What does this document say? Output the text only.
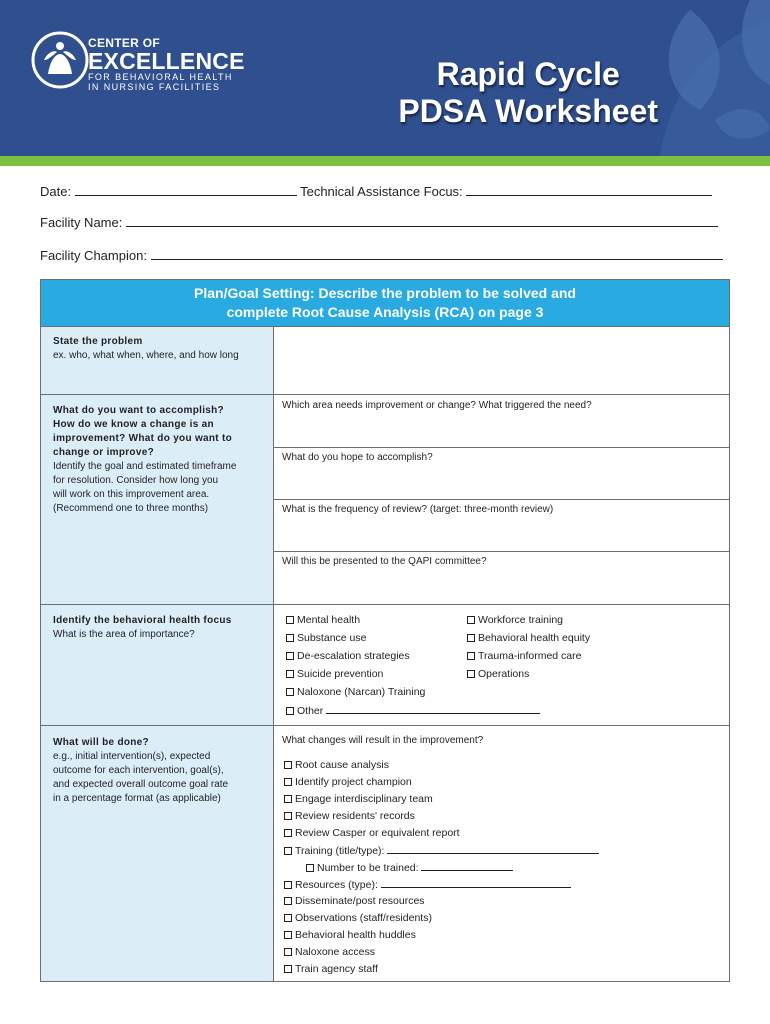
CENTER OF
EXCELLENCE
FOR BEHAVIORAL HEALTH
IN NURSING FACILITIES	Rapid Cycle
PDSA Worksheet
Date:	Technical Assistance Focus:
Facility Name:
Facility Champion:
Plan/Goal Setting: Describe the problem to be solved and
complete Root Cause Analysis (RCA) on page 3
State the problem
ex. who, what when, where, and how long
What do you want to accomplish?
How do we know a change is an
improvement? What do you want to
change or improve?
Identify the goal and estimated timeframe
for resolution. Consider how long you
will work on this improvement area.
(Recommend one to three months)
Which area needs improvement or change? What triggered the need?
What do you hope to accomplish?
What is the frequency of review? (target: three-month review)
Will this be presented to the QAPI committee?
Identify the behavioral health focus
What is the area of importance?
Mental health
Substance use
De-escalation strategies
Suicide prevention
Naloxone (Narcan) Training
Other
Workforce training
Behavioral health equity
Trauma-informed care
Operations
What will be done?
e.g., initial intervention(s), expected
outcome for each intervention, goal(s),
and expected overall outcome goal rate
in a percentage format (as applicable)
What changes will result in the improvement?
Root cause analysis
Identify project champion
Engage interdisciplinary team
Review residents' records
Review Casper or equivalent report
Training (title/type):
Number to be trained:
Resources (type):
Disseminate/post resources
Observations (staff/residents)
Behavioral health huddles
Naloxone access
Train agency staff
